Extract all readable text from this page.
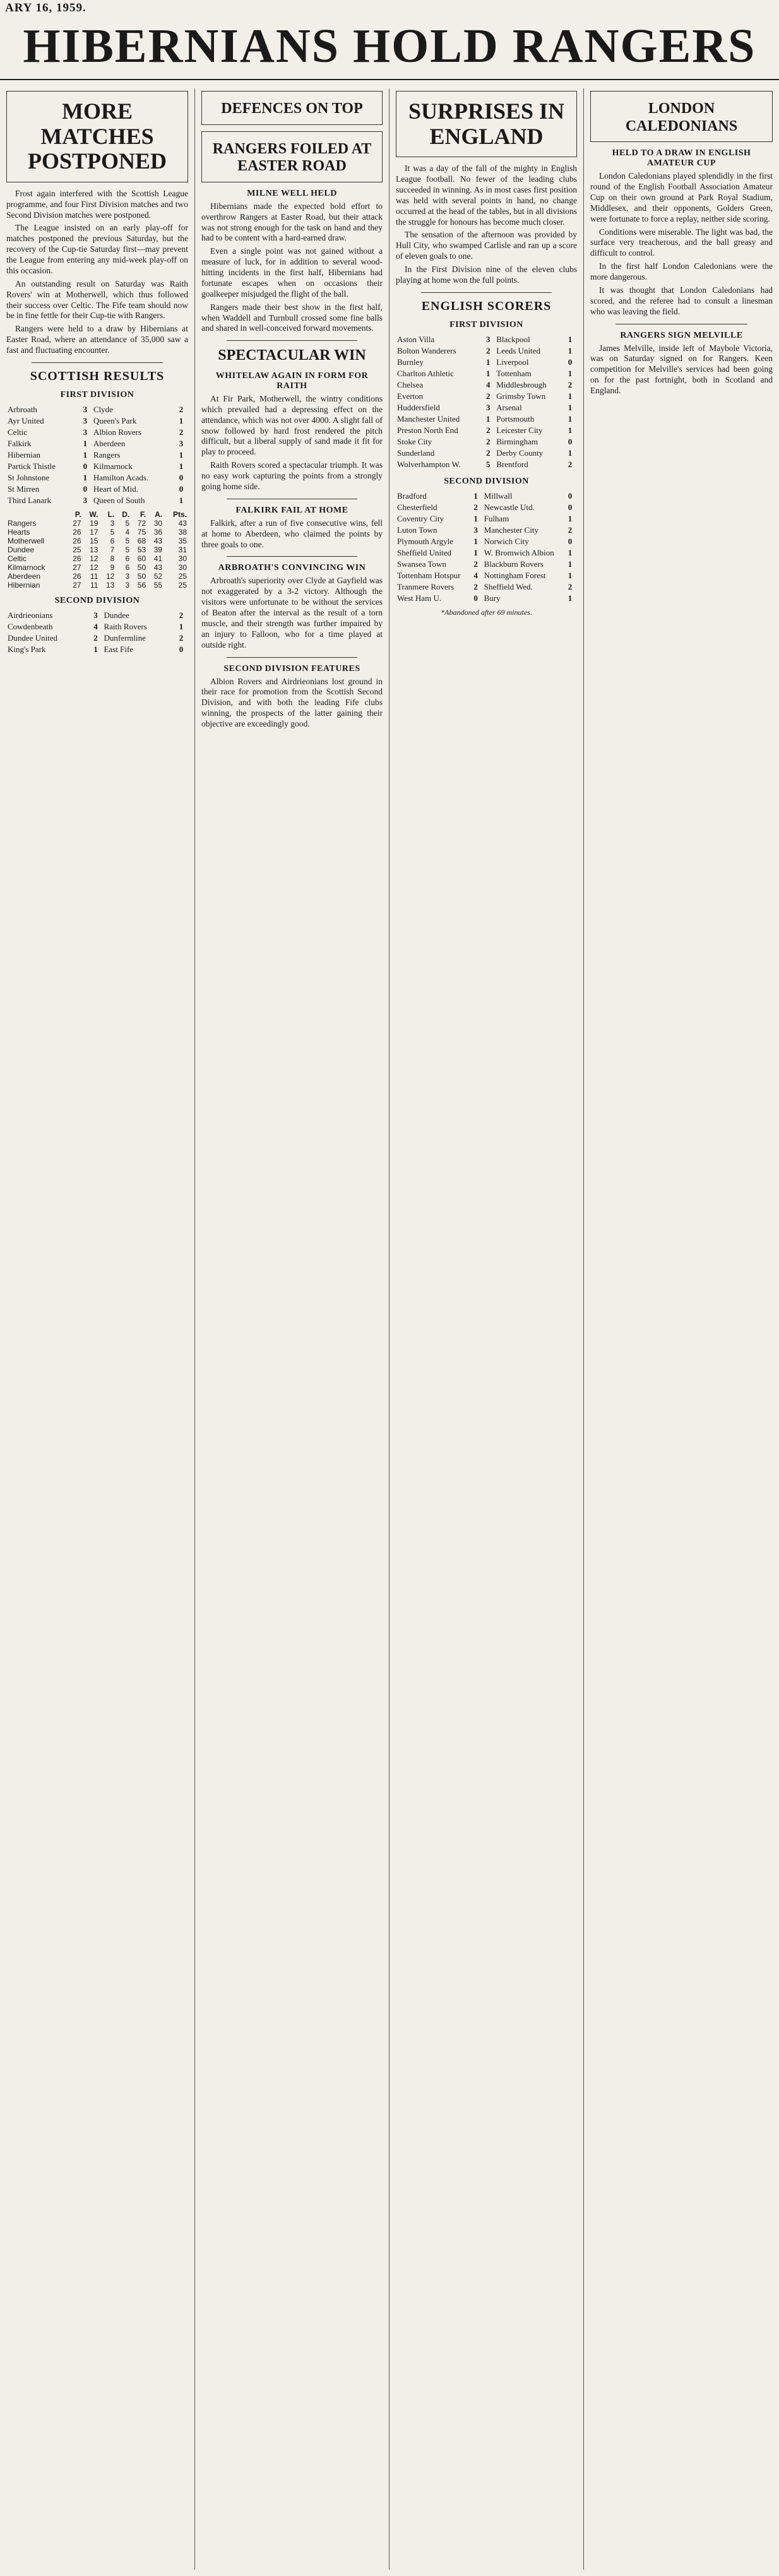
ARY 16, 1959.
HIBERNIANS HOLD RANGERS
MORE MATCHES POSTPONED

Frost again interfered with the Scottish League programme, and four First Division matches and two Second Division matches were postponed.

The League insisted on an early play-off for matches postponed the previous Saturday, but the recovery of the Cup-tie Saturday first—may prevent the League from entering any mid-week play-off on this occasion.

An outstanding result on Saturday was Raith Rovers' win at Motherwell, which thus followed their success over Celtic. The Fife team should now be in fine fettle for their Cup-tie with Rangers.

Rangers were held to a draw by Hibernians at Easter Road, where an attendance of 35,000 saw a fast and fluctuating encounter.

SCOTTISH RESULTS
FIRST DIVISION
Arbroath	3	Clyde	2
Ayr United	3	Queen's Park	1
Celtic	3	Albion Rovers	2
Falkirk	1	Aberdeen	3
Hibernian	1	Rangers	1
Partick Thistle	0	Kilmarnock	1
St Johnstone	1	Hamilton Acads.	0
St Mirren	0	Heart of Mid.	0
Third Lanark	3	Queen of South	1
	P.	W.	L.	D.	F.	A.	Pts.
Rangers	27	19	3	5	72	30	43
Hearts	26	17	5	4	75	36	38
Motherwell	26	15	6	5	68	43	35
Dundee	25	13	7	5	53	39	31
Celtic	26	12	8	6	60	41	30
Kilmarnock	27	12	9	6	50	43	30
Aberdeen	26	11	12	3	50	52	25
Hibernian	27	11	13	3	56	55	25
SECOND DIVISION
Airdrieonians	3	Dundee	2
Cowdenbeath	4	Raith Rovers	1
Dundee United	2	Dunfermline	2
King's Park	1	East Fife	0
DEFENCES ON TOP
RANGERS FOILED AT EASTER ROAD
MILNE WELL HELD

Hibernians made the expected bold effort to overthrow Rangers at Easter Road, but their attack was not strong enough for the task on hand and they had to be content with a hard-earned draw.

Even a single point was not gained without a measure of luck, for in addition to several wood-hitting incidents in the first half, Hibernians had fortunate escapes when on occasions their goalkeeper misjudged the flight of the ball.

Rangers made their best show in the first half, when Waddell and Turnbull crossed some fine balls and shared in well-conceived forward movements.

SPECTACULAR WIN
WHITELAW AGAIN IN FORM FOR RAITH

At Fir Park, Motherwell, the wintry conditions which prevailed had a depressing effect on the attendance, which was not over 4000. A slight fall of snow followed by hard frost rendered the pitch difficult, but a liberal supply of sand made it fit for play to proceed.

Raith Rovers scored a spectacular triumph. It was no easy work capturing the points from a strongly going home side.

FALKIRK FAIL AT HOME

Falkirk, after a run of five consecutive wins, fell at home to Aberdeen, who claimed the points by three goals to one.

ARBROATH'S CONVINCING WIN

Arbroath's superiority over Clyde at Gayfield was not exaggerated by a 3-2 victory. Although the visitors were unfortunate to be without the services of Beaton after the interval as the result of a torn muscle, and their strength was further impaired by an injury to Falloon, who for a time played at outside right.

SECOND DIVISION FEATURES

Albion Rovers and Airdrieonians lost ground in their race for promotion from the Scottish Second Division, and with both the leading Fife clubs winning, the prospects of the latter gaining their objective are exceedingly good.

SURPRISES IN ENGLAND

It was a day of the fall of the mighty in English League football. No fewer of the leading clubs succeeded in winning. As in most cases first position was held with several points in hand, no change occurred at the head of the tables, but in all divisions the struggle for honours has become much closer.

The sensation of the afternoon was provided by Hull City, who swamped Carlisle and ran up a score of eleven goals to one.

In the First Division nine of the eleven clubs playing at home won the full points.

ENGLISH SCORERS
FIRST DIVISION
Aston Villa	3	Blackpool	1
Bolton Wanderers	2	Leeds United	1
Burnley	1	Liverpool	0
Charlton Athletic	1	Tottenham	1
Chelsea	4	Middlesbrough	2
Everton	2	Grimsby Town	1
Huddersfield	3	Arsenal	1
Manchester United	1	Portsmouth	1
Preston North End	2	Leicester City	1
Stoke City	2	Birmingham	0
Sunderland	2	Derby County	1
Wolverhampton W.	5	Brentford	2
SECOND DIVISION
Bradford	1	Millwall	0
Chesterfield	2	Newcastle Utd.	0
Coventry City	1	Fulham	1
Luton Town	3	Manchester City	2
Plymouth Argyle	1	Norwich City	0
Sheffield United	1	W. Bromwich Albion	1
Swansea Town	2	Blackburn Rovers	1
Tottenham Hotspur	4	Nottingham Forest	1
Tranmere Rovers	2	Sheffield Wed.	2
West Ham U.	0	Bury	1
*Abandoned after 69 minutes.
LONDON CALEDONIANS
HELD TO A DRAW IN ENGLISH AMATEUR CUP

London Caledonians played splendidly in the first round of the English Football Association Amateur Cup on their own ground at Park Royal Stadium, Middlesex, and their opponents, Golders Green, were fortunate to force a replay, neither side scoring.

Conditions were miserable. The light was bad, the surface very treacherous, and the ball greasy and difficult to control.

In the first half London Caledonians were the more dangerous.

It was thought that London Caledonians had scored, and the referee had to consult a linesman who was leaving the field.

RANGERS SIGN MELVILLE

James Melville, inside left of Maybole Victoria, was on Saturday signed on for Rangers. Keen competition for Melville's services had been going on for the past fortnight, both in Scotland and England.
